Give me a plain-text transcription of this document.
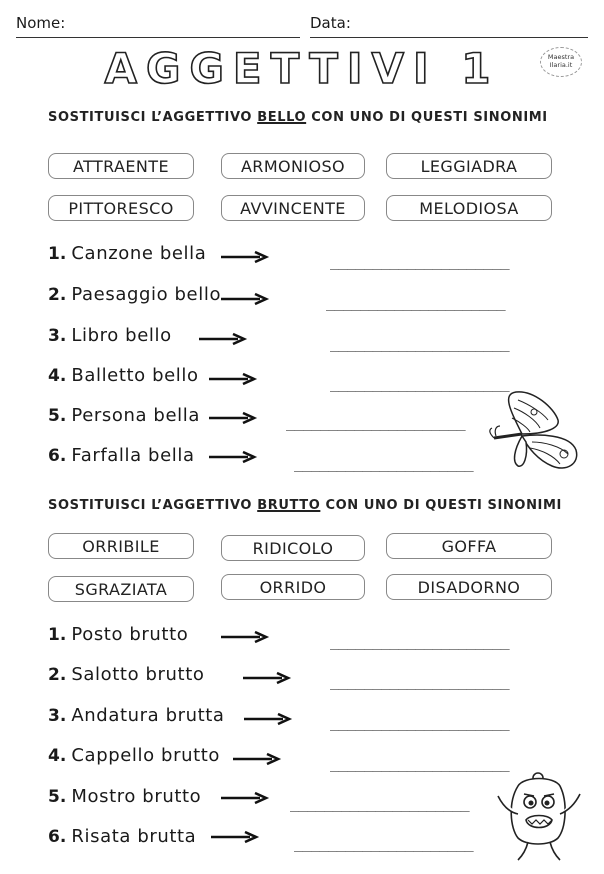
Nome:	Data:
AGGETTIVI 1	Maestra
Ilaria.it
SOSTITUISCI L’AGGETTIVO BELLO CON UNO DI QUESTI SINONIMI
ATTRAENTE	ARMONIOSO	LEGGIADRA
PITTORESCO	AVVINCENTE	MELODIOSA
1. Canzone bella	_____________________
2. Paesaggio bello	_____________________
3. Libro bello	_____________________
4. Balletto bello	_____________________
5. Persona bella	_____________________
6. Farfalla bella	_____________________
SOSTITUISCI L’AGGETTIVO BRUTTO CON UNO DI QUESTI SINONIMI
ORRIBILE	RIDICOLO	GOFFA
SGRAZIATA	ORRIDO	DISADORNO
1. Posto brutto	_____________________
2. Salotto brutto	_____________________
3. Andatura brutta	_____________________
4. Cappello brutto	_____________________
5. Mostro brutto	_____________________
6. Risata brutta	_____________________
